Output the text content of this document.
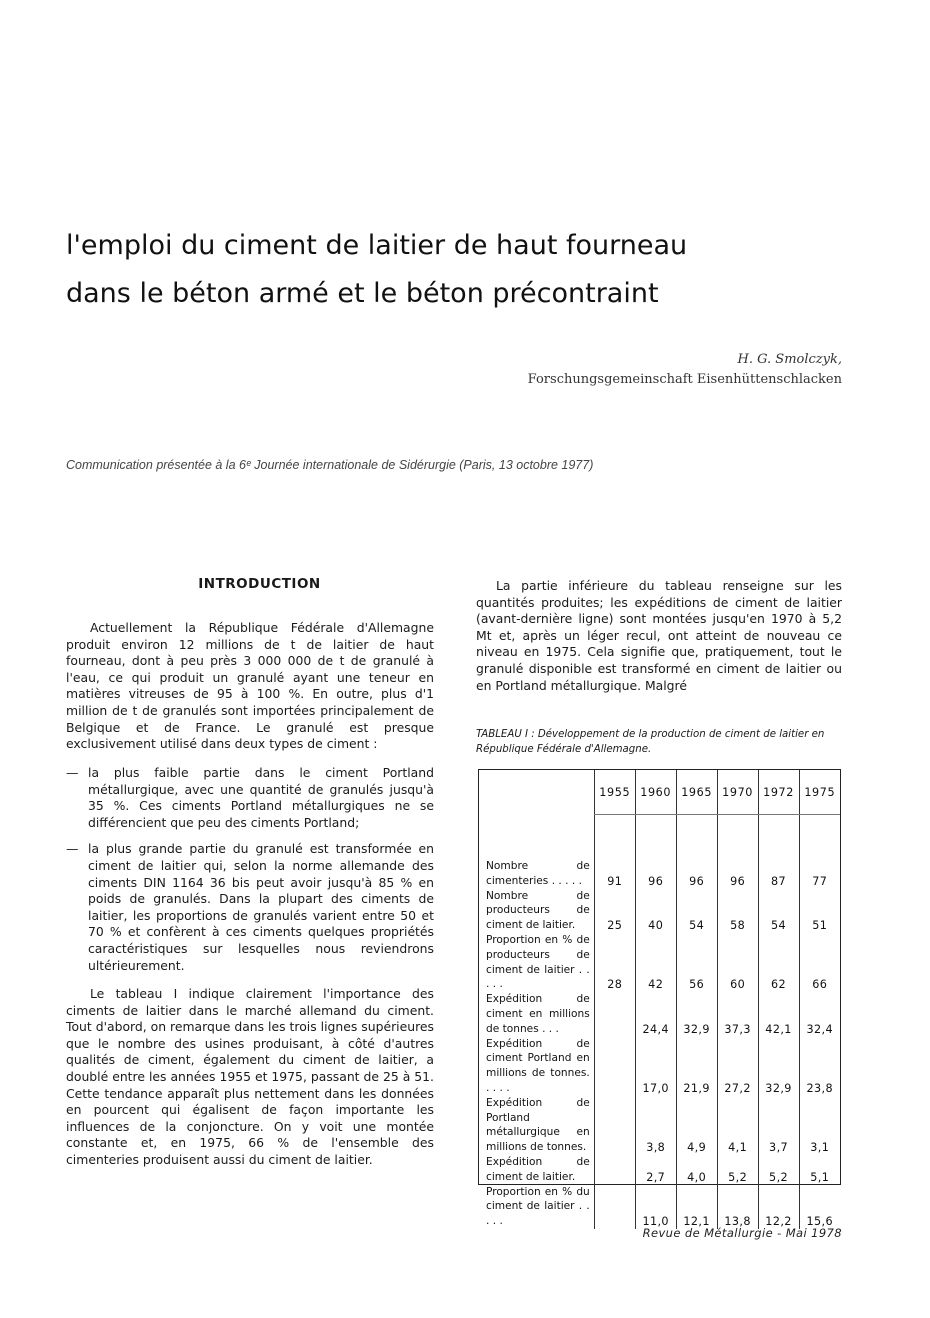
l'emploi du ciment de laitier de haut fourneau
dans le béton armé et le béton précontraint
H. G. Smolczyk,
Forschungsgemeinschaft Eisenhüttenschlacken
Communication présentée à la 6ᵉ Journée internationale de Sidérurgie (Paris, 13 octobre 1977)
INTRODUCTION

Actuellement la République Fédérale d'Allemagne produit environ 12 millions de t de laitier de haut fourneau, dont à peu près 3 000 000 de t de granulé à l'eau, ce qui produit un granulé ayant une teneur en matières vitreuses de 95 à 100 %. En outre, plus d'1 million de t de granulés sont importées principalement de Belgique et de France. Le granulé est presque exclusivement utilisé dans deux types de ciment :

— la plus faible partie dans le ciment Portland métallurgique, avec une quantité de granulés jusqu'à 35 %. Ces ciments Portland métallurgiques ne se différencient que peu des ciments Portland;
— la plus grande partie du granulé est transformée en ciment de laitier qui, selon la norme allemande des ciments DIN 1164 36 bis peut avoir jusqu'à 85 % en poids de granulés. Dans la plupart des ciments de laitier, les proportions de granulés varient entre 50 et 70 % et confèrent à ces ciments quelques propriétés caractéristiques sur lesquelles nous reviendrons ultérieurement.

Le tableau I indique clairement l'importance des ciments de laitier dans le marché allemand du ciment. Tout d'abord, on remarque dans les trois lignes supérieures que le nombre des usines produisant, à côté d'autres qualités de ciment, également du ciment de laitier, a doublé entre les années 1955 et 1975, passant de 25 à 51. Cette tendance apparaît plus nettement dans les données en pourcent qui égalisent de façon importante les influences de la conjoncture. On y voit une montée constante et, en 1975, 66 % de l'ensemble des cimenteries produisent aussi du ciment de laitier.

La partie inférieure du tableau renseigne sur les quantités produites; les expéditions de ciment de laitier (avant-dernière ligne) sont montées jusqu'en 1970 à 5,2 Mt et, après un léger recul, ont atteint de nouveau ce niveau en 1975. Cela signifie que, pratiquement, tout le granulé disponible est transformé en ciment de laitier ou en Portland métallurgique. Malgré

TABLEAU I : Développement de la production de ciment de laitier en République Fédérale d'Allemagne.

	1955	1960	1965	1970	1972	1975

Nombre de cimenteries . . . . .	91	96	96	96	87	77
Nombre de producteurs de ciment de laitier.	25	40	54	58	54	51
Proportion en % de producteurs de ciment de laitier . . . . .	28	42	56	60	62	66
Expédition de ciment en millions de tonnes . . .		24,4	32,9	37,3	42,1	32,4
Expédition de ciment Portland en millions de tonnes. . . . .		17,0	21,9	27,2	32,9	23,8
Expédition de Portland métallurgique en millions de tonnes.		3,8	4,9	4,1	3,7	3,1
Expédition de ciment de laitier.		2,7	4,0	5,2	5,2	5,1
Proportion en % du ciment de laitier . . . . .		11,0	12,1	13,8	12,2	15,6
Revue de Métallurgie - Mai 1978
